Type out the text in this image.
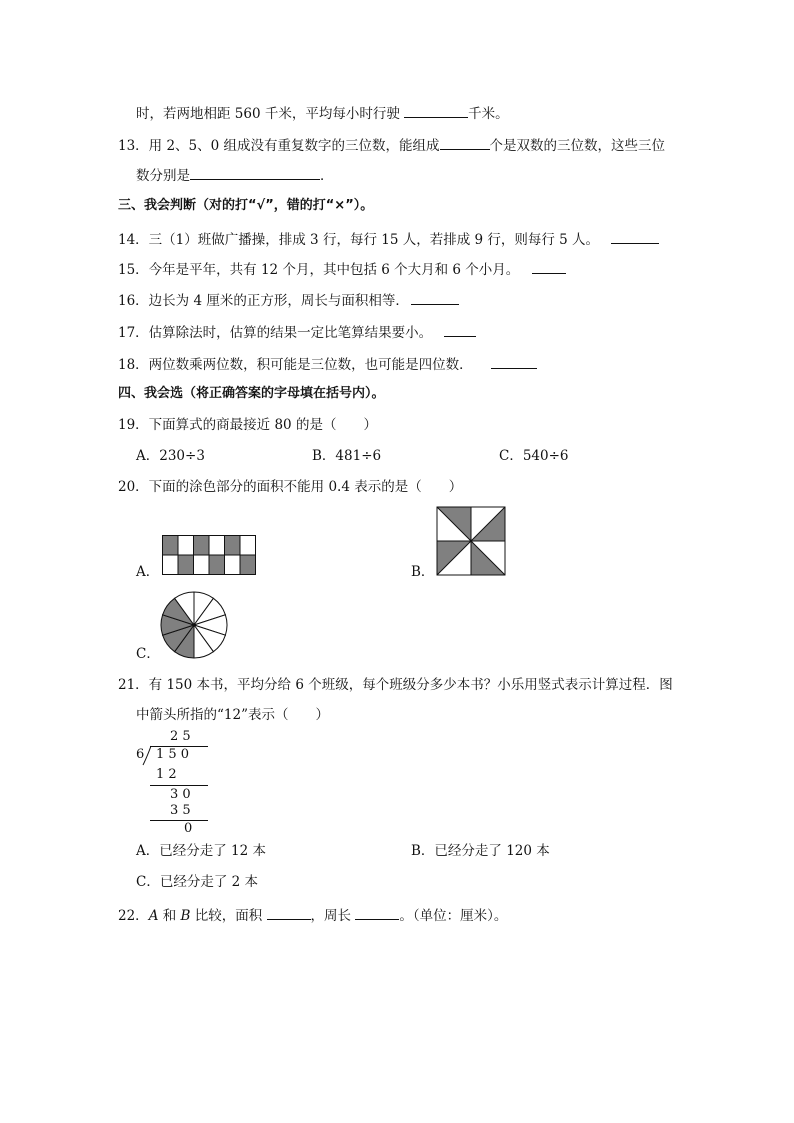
时，若两地相距 560 千米，平均每小时行驶	千米。
13．用 2、5、0 组成没有重复数字的三位数，能组成	个是双数的三位数，这些三位
数分别是	．
三、我会判断（对的打“√”，错的打“×”）。
14．三（1）班做广播操，排成 3 行，每行 15 人，若排成 9 行，则每行 5 人。
15．今年是平年，共有 12 个月，其中包括 6 个大月和 6 个小月。
16．边长为 4 厘米的正方形，周长与面积相等．
17．估算除法时，估算的结果一定比笔算结果要小。
18．两位数乘两位数，积可能是三位数，也可能是四位数．
四、我会选（将正确答案的字母填在括号内）。
19．下面算式的商最接近 80 的是（　　）
A．230÷3	B．481÷6	C．540÷6
20．下面的涂色部分的面积不能用 0.4 表示的是（　　）
A．	B．
C．
21．有 150 本书，平均分给 6 个班级，每个班级分多少本书？小乐用竖式表示计算过程．图
中箭头所指的“12”表示（　　）
2 5
6 1 5 0
1 2
3 0
3 5
0
A．已经分走了 12 本	B．已经分走了 120 本
C．已经分走了 2 本
22．A 和 B 比较，面积	，周长	。（单位：厘米）。
